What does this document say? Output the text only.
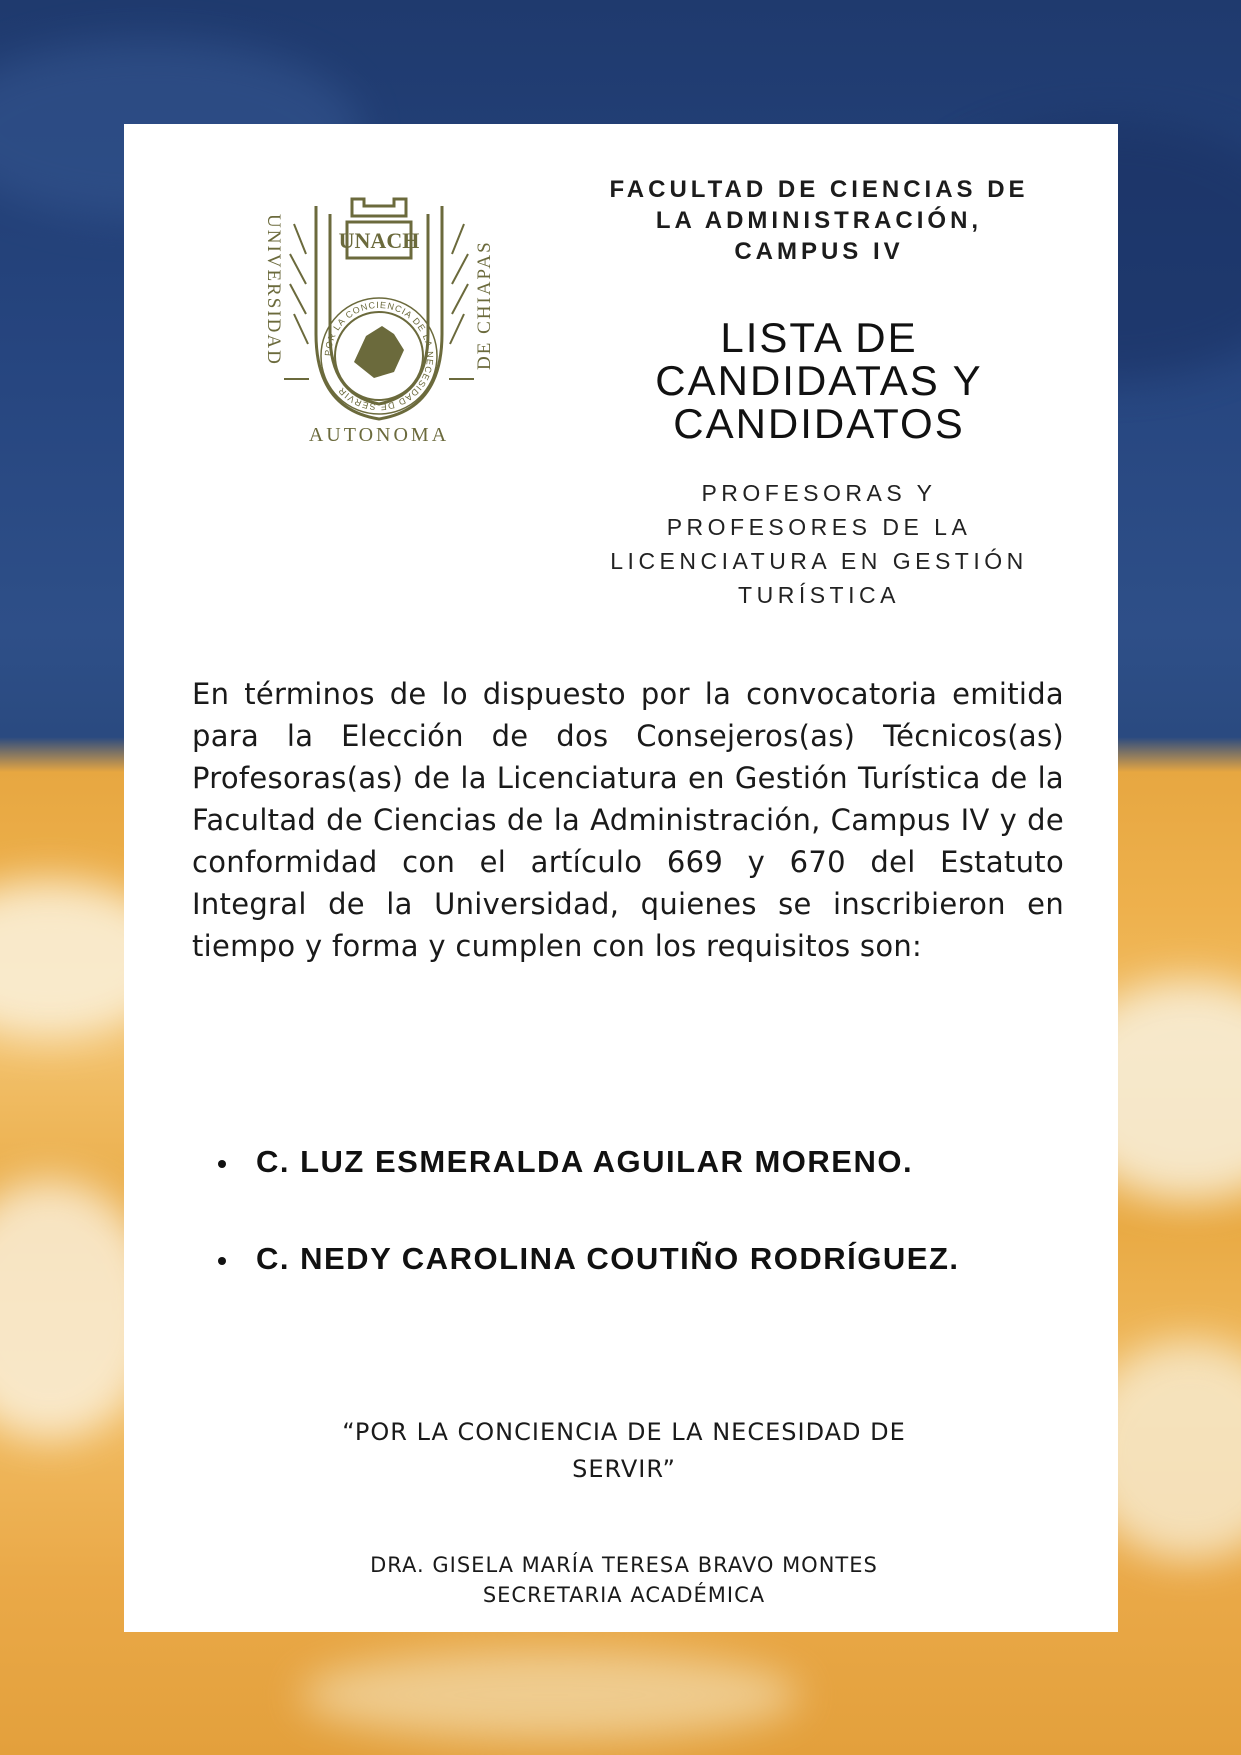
UNACH
POR LA CONCIENCIA DE LA NECESIDAD DE SERVIR
UNIVERSIDAD	DE CHIAPAS
AUTONOMA
FACULTAD DE CIENCIAS DE
LA ADMINISTRACIÓN,
CAMPUS IV
LISTA DE
CANDIDATAS Y
CANDIDATOS
PROFESORAS Y
PROFESORES DE LA
LICENCIATURA EN GESTIÓN
TURÍSTICA

En términos de lo dispuesto por la convocatoria emitida para la Elección de dos Consejeros(as) Técnicos(as) Profesoras(as) de la Licenciatura en Gestión Turística de la Facultad de Ciencias de la Administración, Campus IV y de conformidad con el artículo 669 y 670 del Estatuto Integral de la Universidad, quienes se inscribieron en tiempo y forma y cumplen con los requisitos son:

C. LUZ ESMERALDA AGUILAR MORENO.
C. NEDY CAROLINA COUTIÑO RODRÍGUEZ.
“POR LA CONCIENCIA DE LA NECESIDAD DE SERVIR”
DRA. GISELA MARÍA TERESA BRAVO MONTES
SECRETARIA ACADÉMICA
